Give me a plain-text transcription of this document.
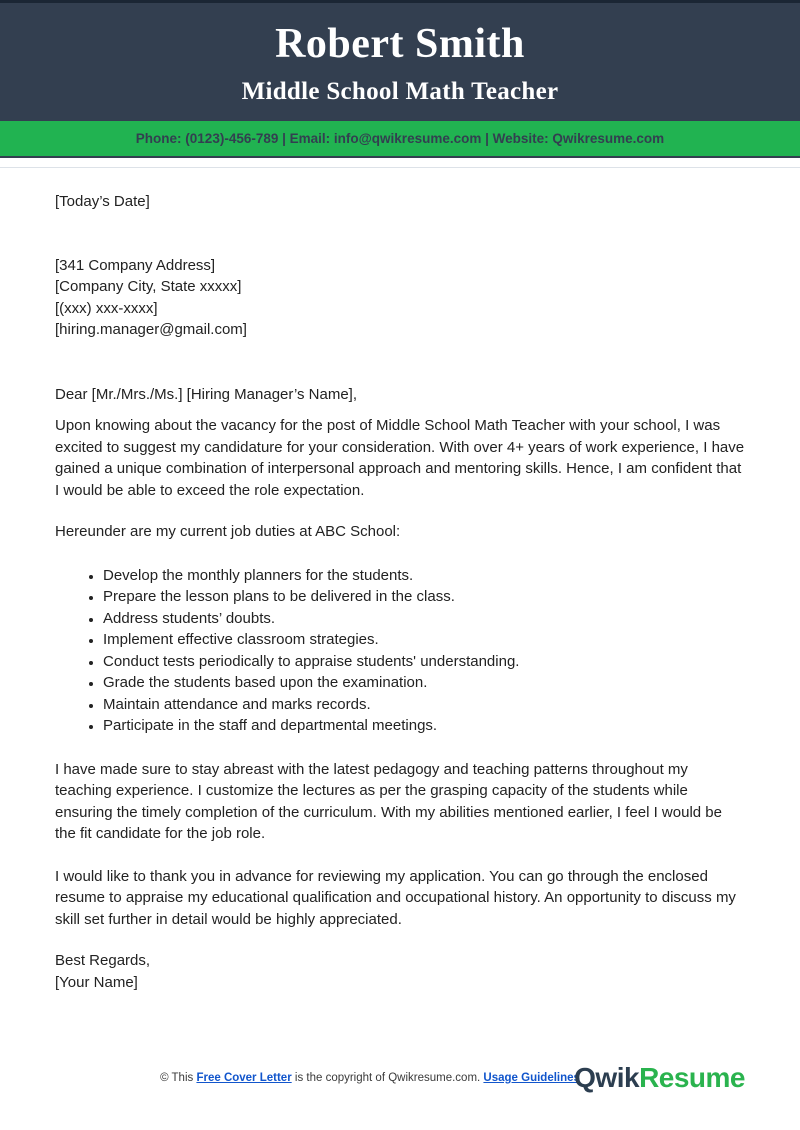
Robert Smith
Middle School Math Teacher
Phone: (0123)-456-789 | Email: info@qwikresume.com | Website: Qwikresume.com
[Today’s Date]
[341 Company Address]
[Company City, State xxxxx]
[(xxx) xxx-xxxx]
[hiring.manager@gmail.com]
Dear [Mr./Mrs./Ms.] [Hiring Manager’s Name],

Upon knowing about the vacancy for the post of Middle School Math Teacher with your school, I was excited to suggest my candidature for your consideration. With over 4+ years of work experience, I have gained a unique combination of interpersonal approach and mentoring skills. Hence, I am confident that I would be able to exceed the role expectation.

Hereunder are my current job duties at ABC School:

• Develop the monthly planners for the students.
• Prepare the lesson plans to be delivered in the class.
• Address students’ doubts.
• Implement effective classroom strategies.
• Conduct tests periodically to appraise students' understanding.
• Grade the students based upon the examination.
• Maintain attendance and marks records.
• Participate in the staff and departmental meetings.

I have made sure to stay abreast with the latest pedagogy and teaching patterns throughout my teaching experience. I customize the lectures as per the grasping capacity of the students while ensuring the timely completion of the curriculum. With my abilities mentioned earlier, I feel I would be the fit candidate for the job role.

I would like to thank you in advance for reviewing my application. You can go through the enclosed resume to appraise my educational qualification and occupational history. An opportunity to discuss my skill set further in detail would be highly appreciated.

Best Regards,
[Your Name]
© This Free Cover Letter is the copyright of Qwikresume.com. Usage Guidelines
QwikResume
